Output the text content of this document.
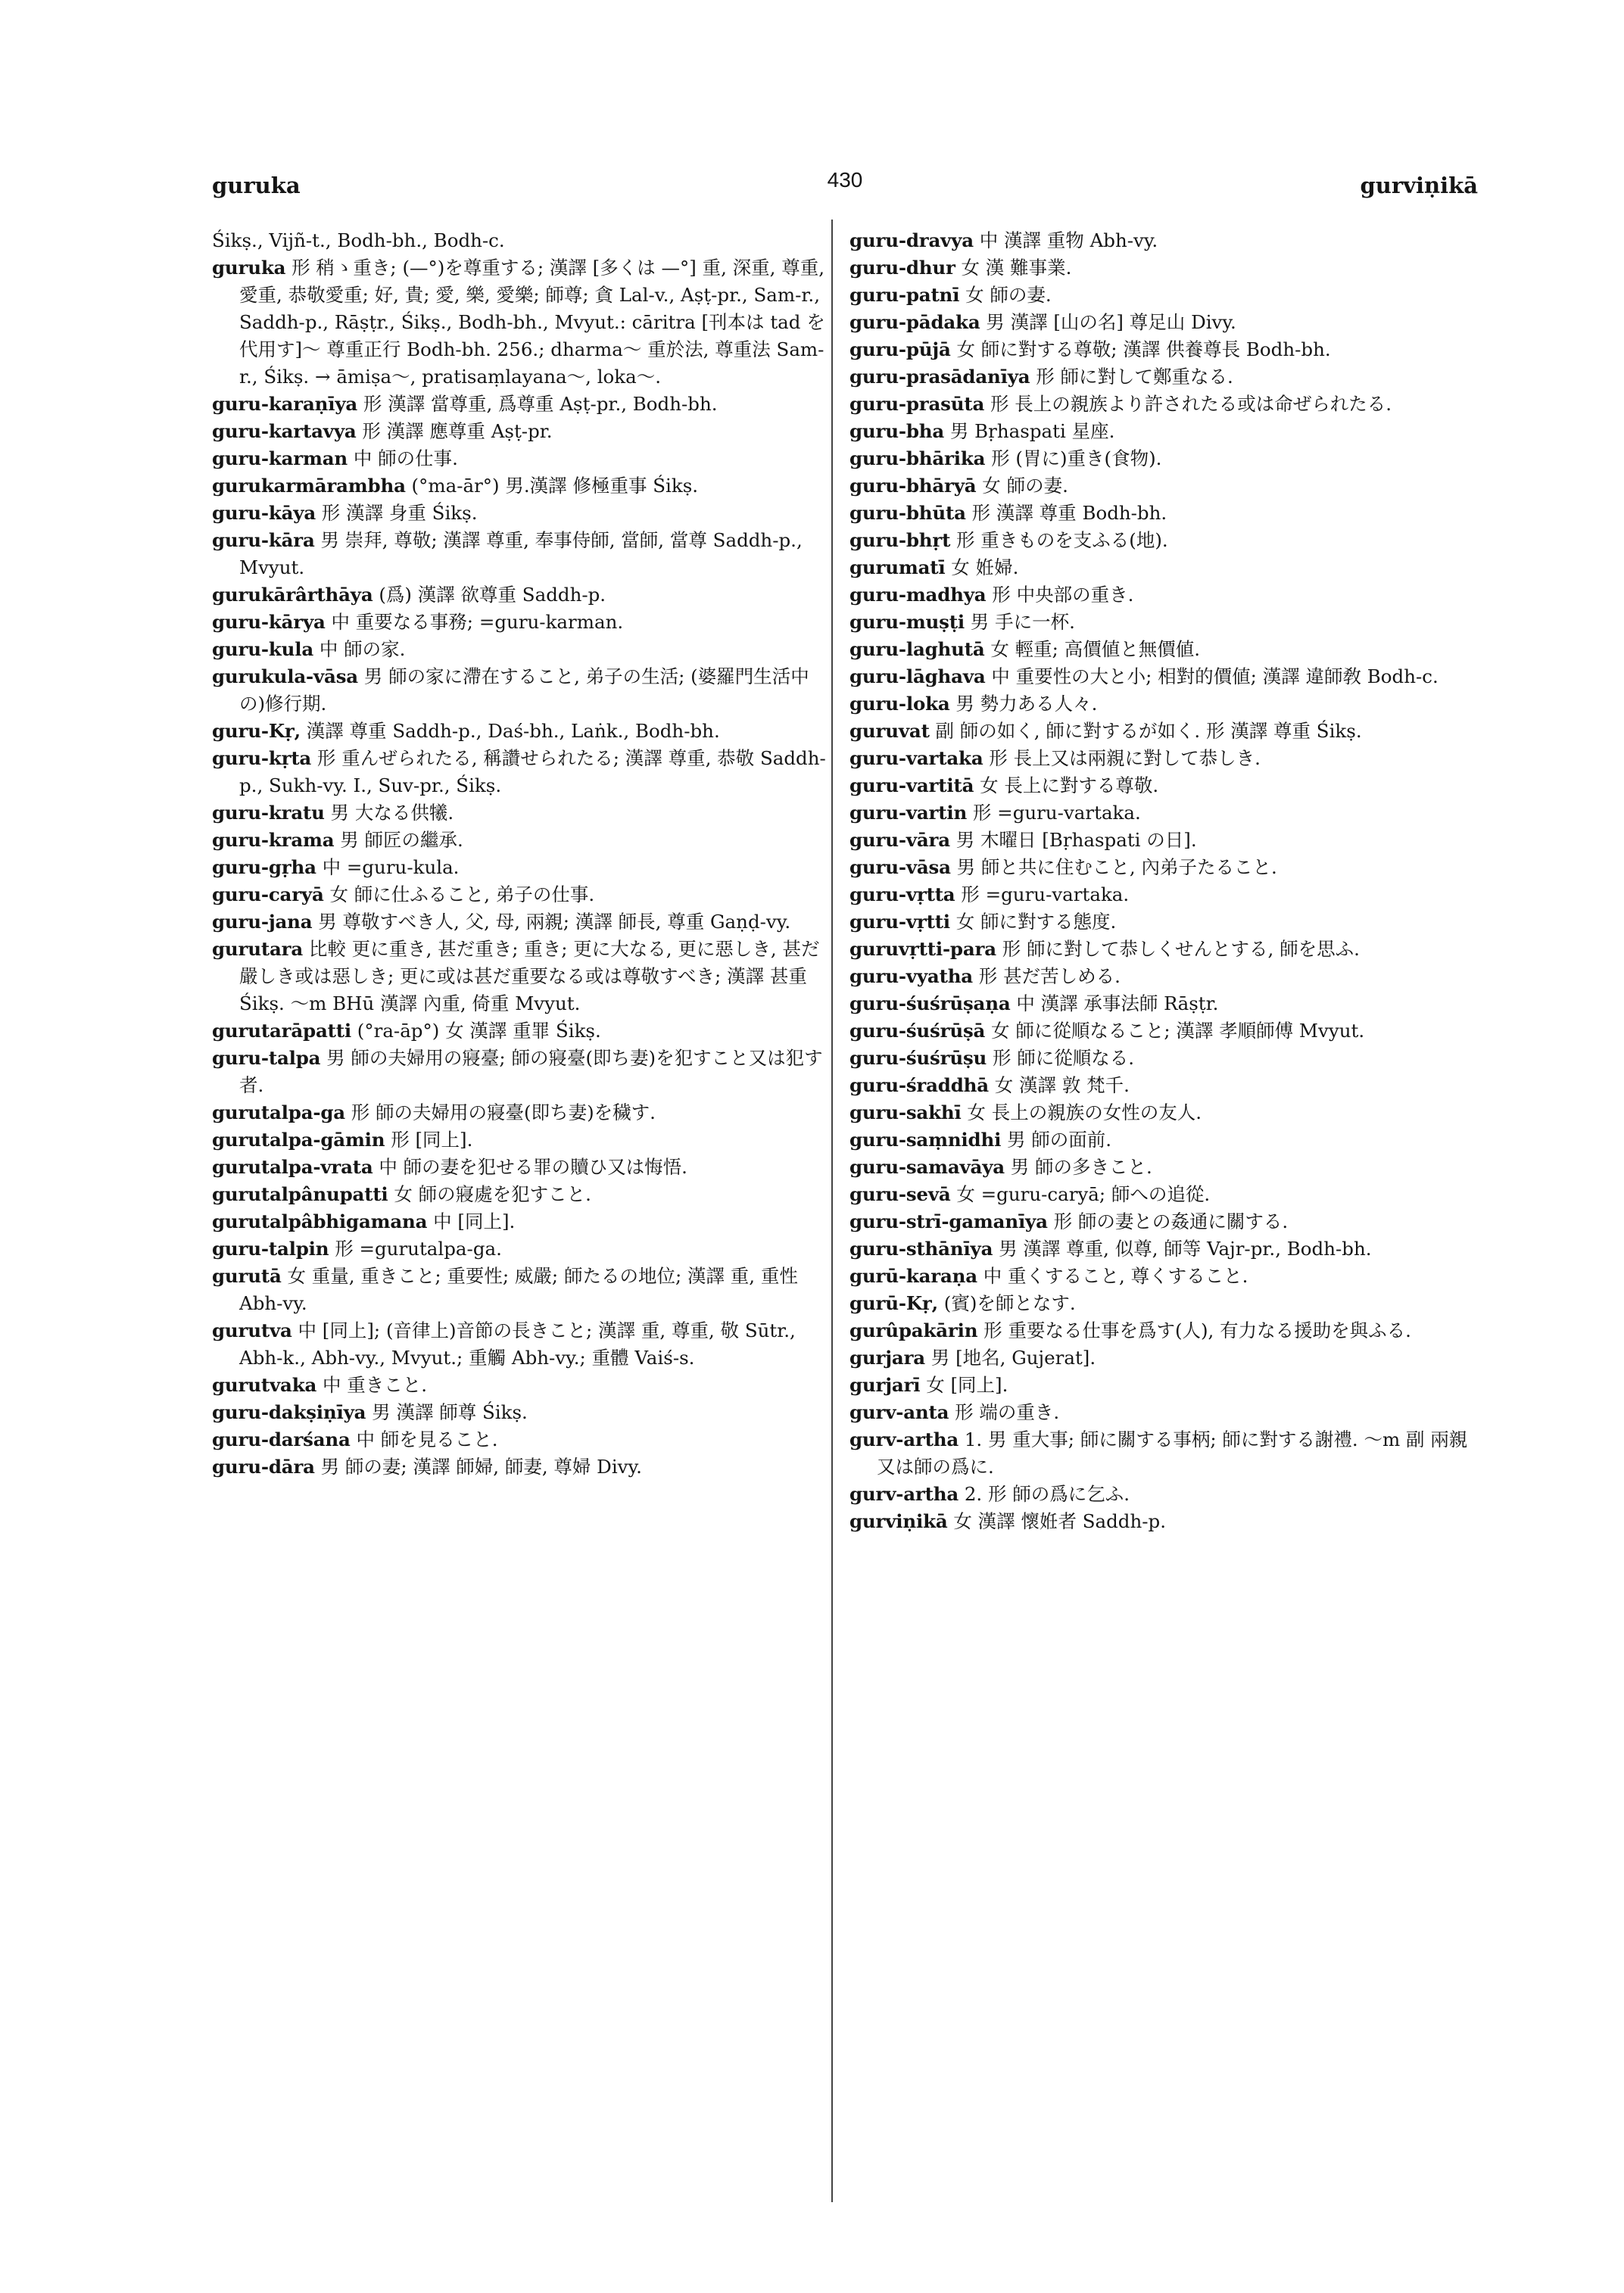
guruka	430	gurviṇikā
Śikṣ., Vijñ-t., Bodh-bh., Bodh-c.
guruka 形 稍ゝ重き; (—°)を尊重する; 漢譯 [多くは —°] 重, 深重, 尊重, 愛重, 恭敬愛重; 好, 貴; 愛, 樂, 愛樂; 師尊; 貪 Lal-v., Aṣṭ-pr., Sam-r., Saddh-p., Rāṣṭr., Śikṣ., Bodh-bh., Mvyut.: cāritra [刊本は tad を代用す]～ 尊重正行 Bodh-bh. 256.; dharma～ 重於法, 尊重法 Sam-r., Śikṣ. → āmiṣa～, pratisaṃlayana～, loka～.
guru-karaṇīya 形 漢譯 當尊重, 爲尊重 Aṣṭ-pr., Bodh-bh.
guru-kartavya 形 漢譯 應尊重 Aṣṭ-pr.
guru-karman 中 師の仕事.
gurukarmārambha (°ma-ār°) 男.漢譯 修極重事 Śikṣ.
guru-kāya 形 漢譯 身重 Śikṣ.
guru-kāra 男 崇拜, 尊敬; 漢譯 尊重, 奉事侍師, 當師, 當尊 Saddh-p., Mvyut.
gurukārârthāya (爲) 漢譯 欲尊重 Saddh-p.
guru-kārya 中 重要なる事務; =guru-karman.
guru-kula 中 師の家.
gurukula-vāsa 男 師の家に滯在すること, 弟子の生活; (婆羅門生活中の)修行期.
guru-Kṛ, 漢譯 尊重 Saddh-p., Daś-bh., Laṅk., Bodh-bh.
guru-kṛta 形 重んぜられたる, 稱讚せられたる; 漢譯 尊重, 恭敬 Saddh-p., Sukh-vy. I., Suv-pr., Śikṣ.
guru-kratu 男 大なる供犧.
guru-krama 男 師匠の繼承.
guru-gṛha 中 =guru-kula.
guru-caryā 女 師に仕ふること, 弟子の仕事.
guru-jana 男 尊敬すべき人, 父, 母, 兩親; 漢譯 師長, 尊重 Gaṇḍ-vy.
gurutara 比較 更に重き, 甚だ重き; 重き; 更に大なる, 更に惡しき, 甚だ嚴しき或は惡しき; 更に或は甚だ重要なる或は尊敬すべき; 漢譯 甚重 Śikṣ. ～m BHū 漢譯 內重, 倚重 Mvyut.
gurutarāpatti (°ra-āp°) 女 漢譯 重罪 Śikṣ.
guru-talpa 男 師の夫婦用の寢臺; 師の寢臺(即ち妻)を犯すこと又は犯す者.
gurutalpa-ga 形 師の夫婦用の寢臺(即ち妻)を穢す.
gurutalpa-gāmin 形 [同上].
gurutalpa-vrata 中 師の妻を犯せる罪の贖ひ又は悔悟.
gurutalpânupatti 女 師の寢處を犯すこと.
gurutalpâbhigamana 中 [同上].
guru-talpin 形 =gurutalpa-ga.
gurutā 女 重量, 重きこと; 重要性; 威嚴; 師たるの地位; 漢譯 重, 重性 Abh-vy.
gurutva 中 [同上]; (音律上)音節の長きこと; 漢譯 重, 尊重, 敬 Sūtr., Abh-k., Abh-vy., Mvyut.; 重觸 Abh-vy.; 重體 Vaiś-s.
gurutvaka 中 重きこと.
guru-dakṣiṇīya 男 漢譯 師尊 Śikṣ.
guru-darśana 中 師を見ること.
guru-dāra 男 師の妻; 漢譯 師婦, 師妻, 尊婦 Divy.
guru-dravya 中 漢譯 重物 Abh-vy.
guru-dhur 女 漢 難事業.
guru-patnī 女 師の妻.
guru-pādaka 男 漢譯 [山の名] 尊足山 Divy.
guru-pūjā 女 師に對する尊敬; 漢譯 供養尊長 Bodh-bh.
guru-prasādanīya 形 師に對して鄭重なる.
guru-prasūta 形 長上の親族より許されたる或は命ぜられたる.
guru-bha 男 Bṛhaspati 星座.
guru-bhārika 形 (胃に)重き(食物).
guru-bhāryā 女 師の妻.
guru-bhūta 形 漢譯 尊重 Bodh-bh.
guru-bhṛt 形 重きものを支ふる(地).
gurumatī 女 姙婦.
guru-madhya 形 中央部の重き.
guru-muṣṭi 男 手に一杯.
guru-laghutā 女 輕重; 高價値と無價値.
guru-lāghava 中 重要性の大と小; 相對的價値; 漢譯 違師敎 Bodh-c.
guru-loka 男 勢力ある人々.
guruvat 副 師の如く, 師に對するが如く. 形 漢譯 尊重 Śikṣ.
guru-vartaka 形 長上又は兩親に對して恭しき.
guru-vartitā 女 長上に對する尊敬.
guru-vartin 形 =guru-vartaka.
guru-vāra 男 木曜日 [Bṛhaspati の日].
guru-vāsa 男 師と共に住むこと, 內弟子たること.
guru-vṛtta 形 =guru-vartaka.
guru-vṛtti 女 師に對する態度.
guruvṛtti-para 形 師に對して恭しくせんとする, 師を思ふ.
guru-vyatha 形 甚だ苦しめる.
guru-śuśrūṣaṇa 中 漢譯 承事法師 Rāṣṭr.
guru-śuśrūṣā 女 師に從順なること; 漢譯 孝順師傅 Mvyut.
guru-śuśrūṣu 形 師に從順なる.
guru-śraddhā 女 漢譯 敦 梵千.
guru-sakhī 女 長上の親族の女性の友人.
guru-saṃnidhi 男 師の面前.
guru-samavāya 男 師の多きこと.
guru-sevā 女 =guru-caryā; 師への追從.
guru-strī-gamanīya 形 師の妻との姦通に關する.
guru-sthānīya 男 漢譯 尊重, 似尊, 師等 Vajr-pr., Bodh-bh.
gurū-karaṇa 中 重くすること, 尊くすること.
gurū-Kṛ, (賓)を師となす.
gurûpakārin 形 重要なる仕事を爲す(人), 有力なる援助を與ふる.
gurjara 男 [地名, Gujerat].
gurjarī 女 [同上].
gurv-anta 形 端の重き.
gurv-artha 1. 男 重大事; 師に關する事柄; 師に對する謝禮. ～m 副 兩親又は師の爲に.
gurv-artha 2. 形 師の爲に乞ふ.
gurviṇikā 女 漢譯 懷姙者 Saddh-p.
